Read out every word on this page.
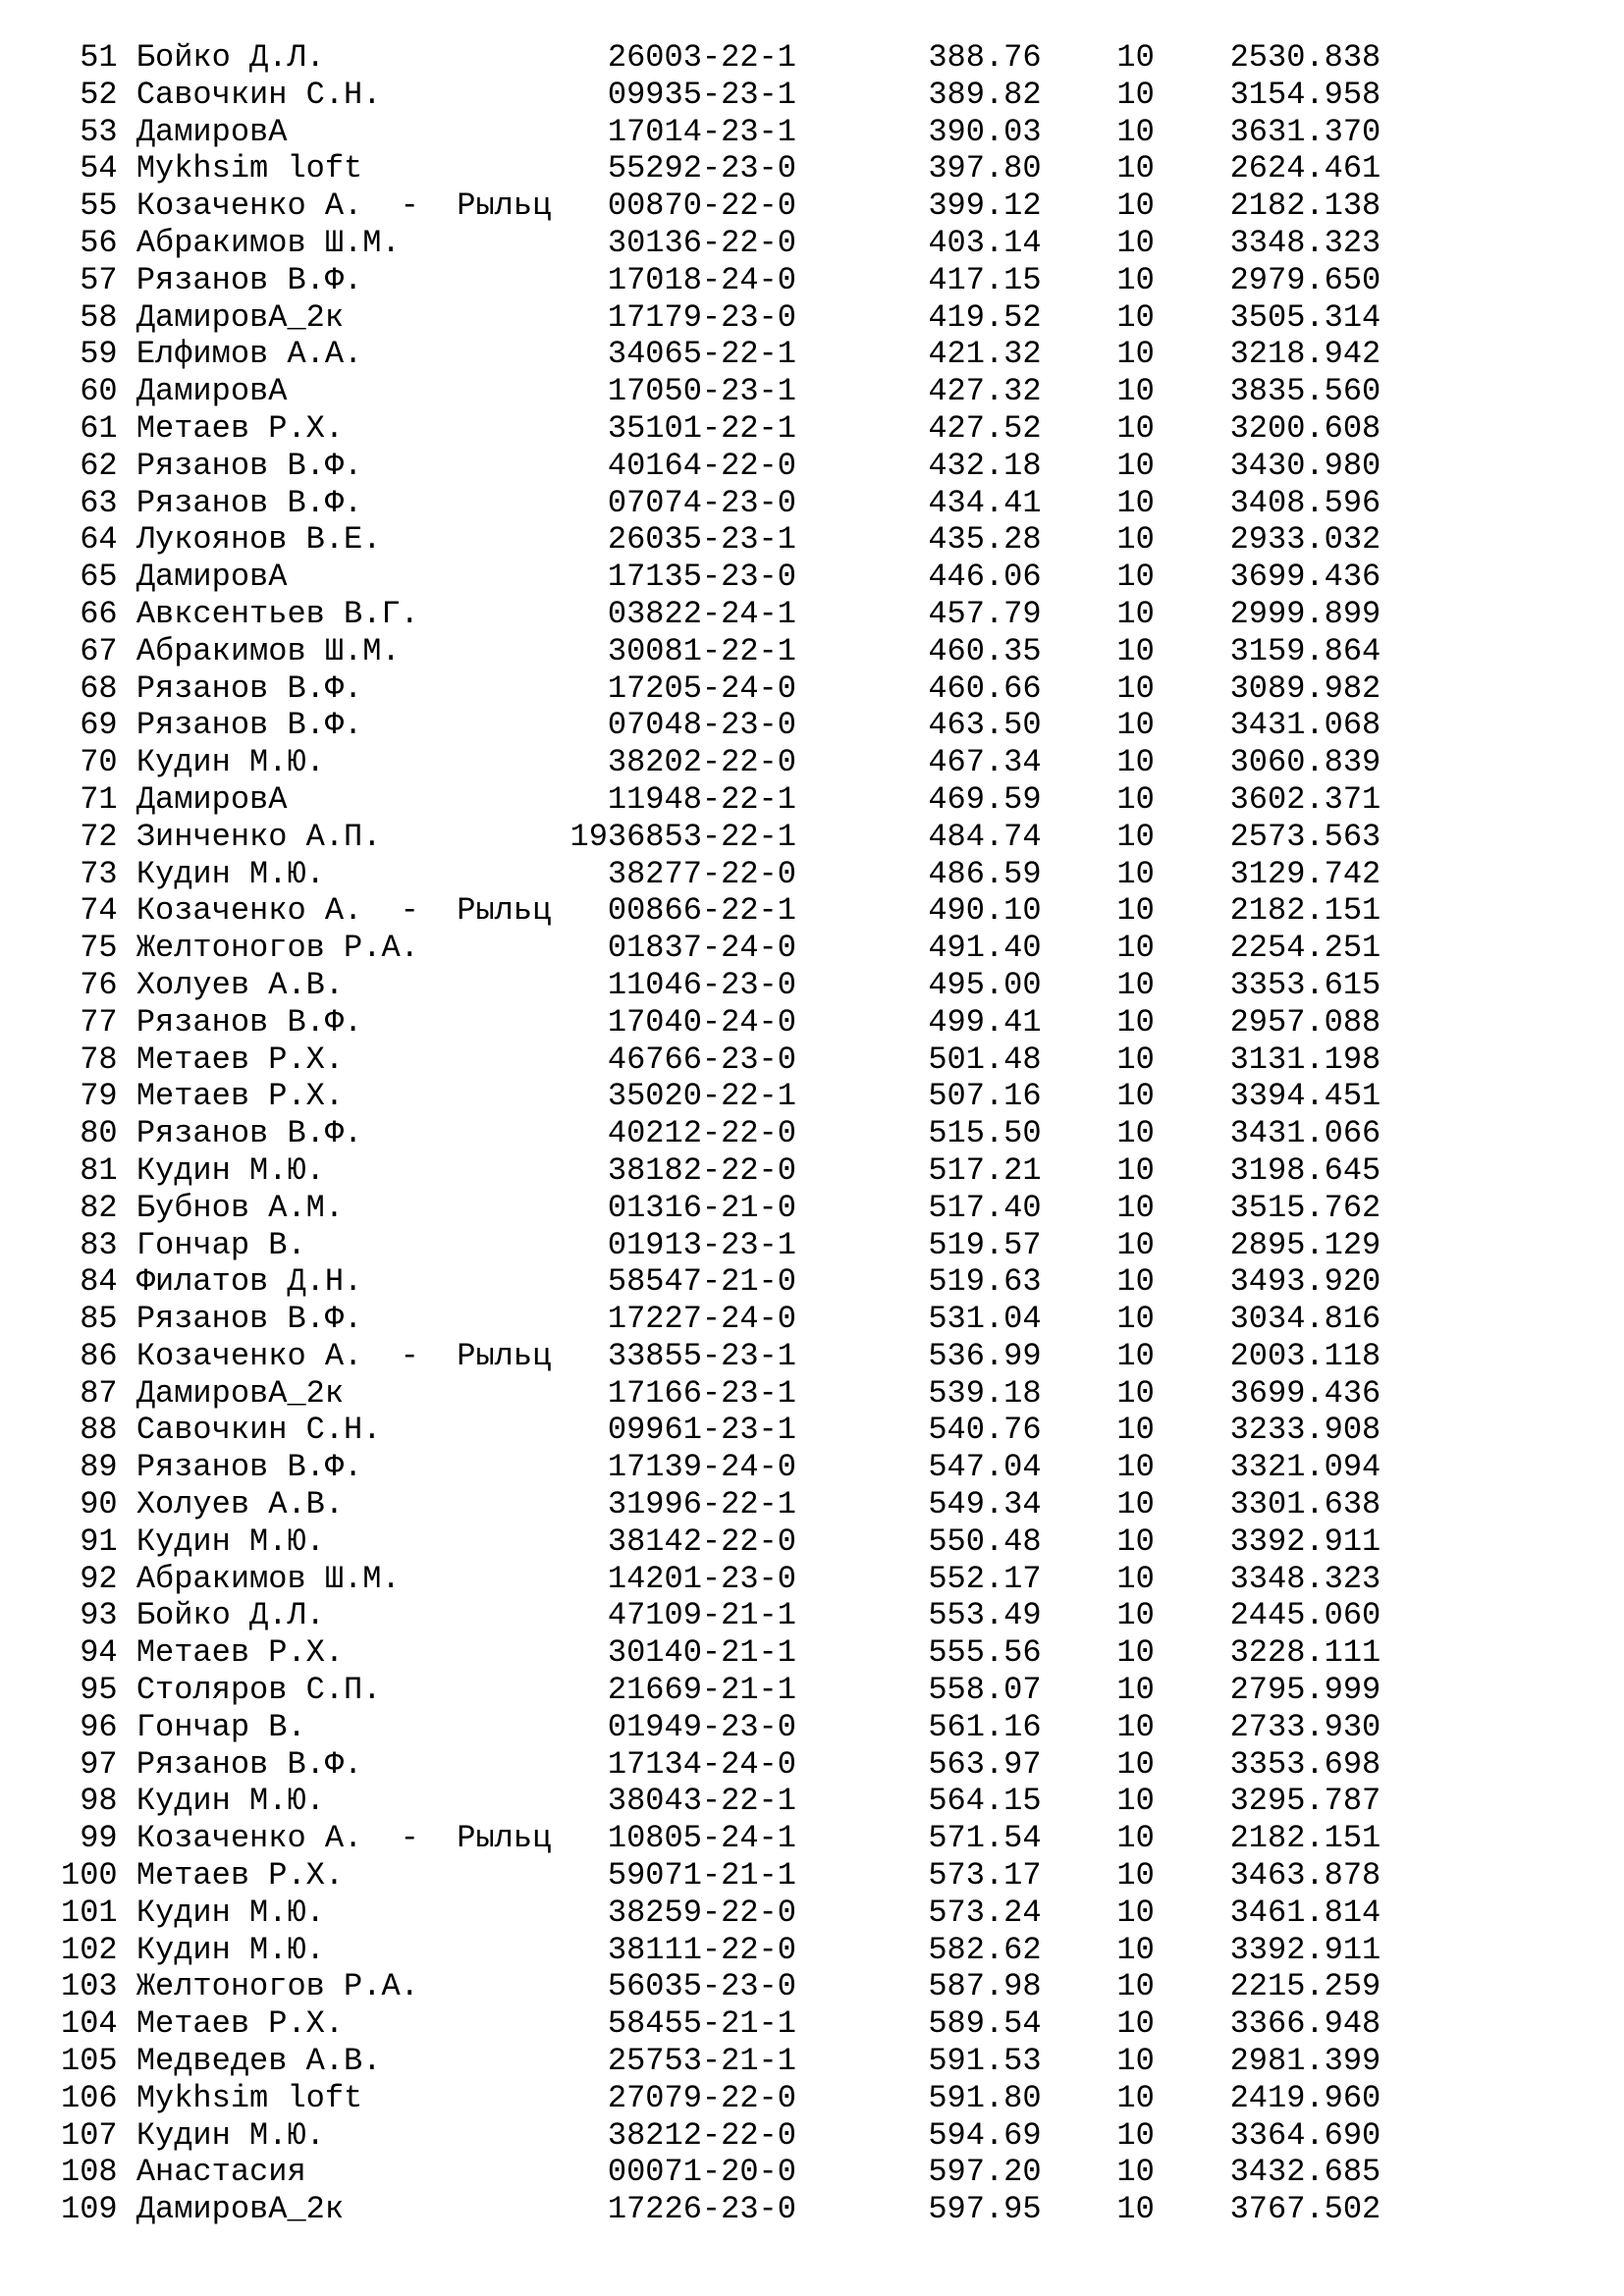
51 Бойко Д.Л.	26003-22-1	388.76	10	2530.838
52 Савочкин С.Н.	09935-23-1	389.82	10	3154.958
53 ДамировА	17014-23-1	390.03	10	3631.370
54 Mykhsim loft	55292-23-0	397.80	10	2624.461
55 Козаченко А.  -  Рыльц 00870-22-0	399.12	10	2182.138
56 Абракимов Ш.М.	30136-22-0	403.14	10	3348.323
57 Рязанов В.Ф.	17018-24-0	417.15	10	2979.650
58 ДамировА_2к	17179-23-0	419.52	10	3505.314
59 Елфимов А.А.	34065-22-1	421.32	10	3218.942
60 ДамировА	17050-23-1	427.32	10	3835.560
61 Метаев Р.Х.	35101-22-1	427.52	10	3200.608
62 Рязанов В.Ф.	40164-22-0	432.18	10	3430.980
63 Рязанов В.Ф.	07074-23-0	434.41	10	3408.596
64 Лукоянов В.Е.	26035-23-1	435.28	10	2933.032
65 ДамировА	17135-23-0	446.06	10	3699.436
66 Авксентьев В.Г.	03822-24-1	457.79	10	2999.899
67 Абракимов Ш.М.	30081-22-1	460.35	10	3159.864
68 Рязанов В.Ф.	17205-24-0	460.66	10	3089.982
69 Рязанов В.Ф.	07048-23-0	463.50	10	3431.068
70 Кудин М.Ю.	38202-22-0	467.34	10	3060.839
71 ДамировА	11948-22-1	469.59	10	3602.371
72 Зинченко А.П.	1936853-22-1	484.74	10	2573.563
73 Кудин М.Ю.	38277-22-0	486.59	10	3129.742
74 Козаченко А.  -  Рыльц 00866-22-1	490.10	10	2182.151
75 Желтоногов Р.А.	01837-24-0	491.40	10	2254.251
76 Холуев А.В.	11046-23-0	495.00	10	3353.615
77 Рязанов В.Ф.	17040-24-0	499.41	10	2957.088
78 Метаев Р.Х.	46766-23-0	501.48	10	3131.198
79 Метаев Р.Х.	35020-22-1	507.16	10	3394.451
80 Рязанов В.Ф.	40212-22-0	515.50	10	3431.066
81 Кудин М.Ю.	38182-22-0	517.21	10	3198.645
82 Бубнов А.М.	01316-21-0	517.40	10	3515.762
83 Гончар В.	01913-23-1	519.57	10	2895.129
84 Филатов Д.Н.	58547-21-0	519.63	10	3493.920
85 Рязанов В.Ф.	17227-24-0	531.04	10	3034.816
86 Козаченко А.  -  Рыльц 33855-23-1	536.99	10	2003.118
87 ДамировА_2к	17166-23-1	539.18	10	3699.436
88 Савочкин С.Н.	09961-23-1	540.76	10	3233.908
89 Рязанов В.Ф.	17139-24-0	547.04	10	3321.094
90 Холуев А.В.	31996-22-1	549.34	10	3301.638
91 Кудин М.Ю.	38142-22-0	550.48	10	3392.911
92 Абракимов Ш.М.	14201-23-0	552.17	10	3348.323
93 Бойко Д.Л.	47109-21-1	553.49	10	2445.060
94 Метаев Р.Х.	30140-21-1	555.56	10	3228.111
95 Столяров С.П.	21669-21-1	558.07	10	2795.999
96 Гончар В.	01949-23-0	561.16	10	2733.930
97 Рязанов В.Ф.	17134-24-0	563.97	10	3353.698
98 Кудин М.Ю.	38043-22-1	564.15	10	3295.787
99 Козаченко А.  -  Рыльц 10805-24-1	571.54	10	2182.151
100 Метаев Р.Х.	59071-21-1	573.17	10	3463.878
101 Кудин М.Ю.	38259-22-0	573.24	10	3461.814
102 Кудин М.Ю.	38111-22-0	582.62	10	3392.911
103 Желтоногов Р.А.	56035-23-0	587.98	10	2215.259
104 Метаев Р.Х.	58455-21-1	589.54	10	3366.948
105 Медведев А.В.	25753-21-1	591.53	10	2981.399
106 Mykhsim loft	27079-22-0	591.80	10	2419.960
107 Кудин М.Ю.	38212-22-0	594.69	10	3364.690
108 Анастасия	00071-20-0	597.20	10	3432.685
109 ДамировА_2к	17226-23-0	597.95	10	3767.502
